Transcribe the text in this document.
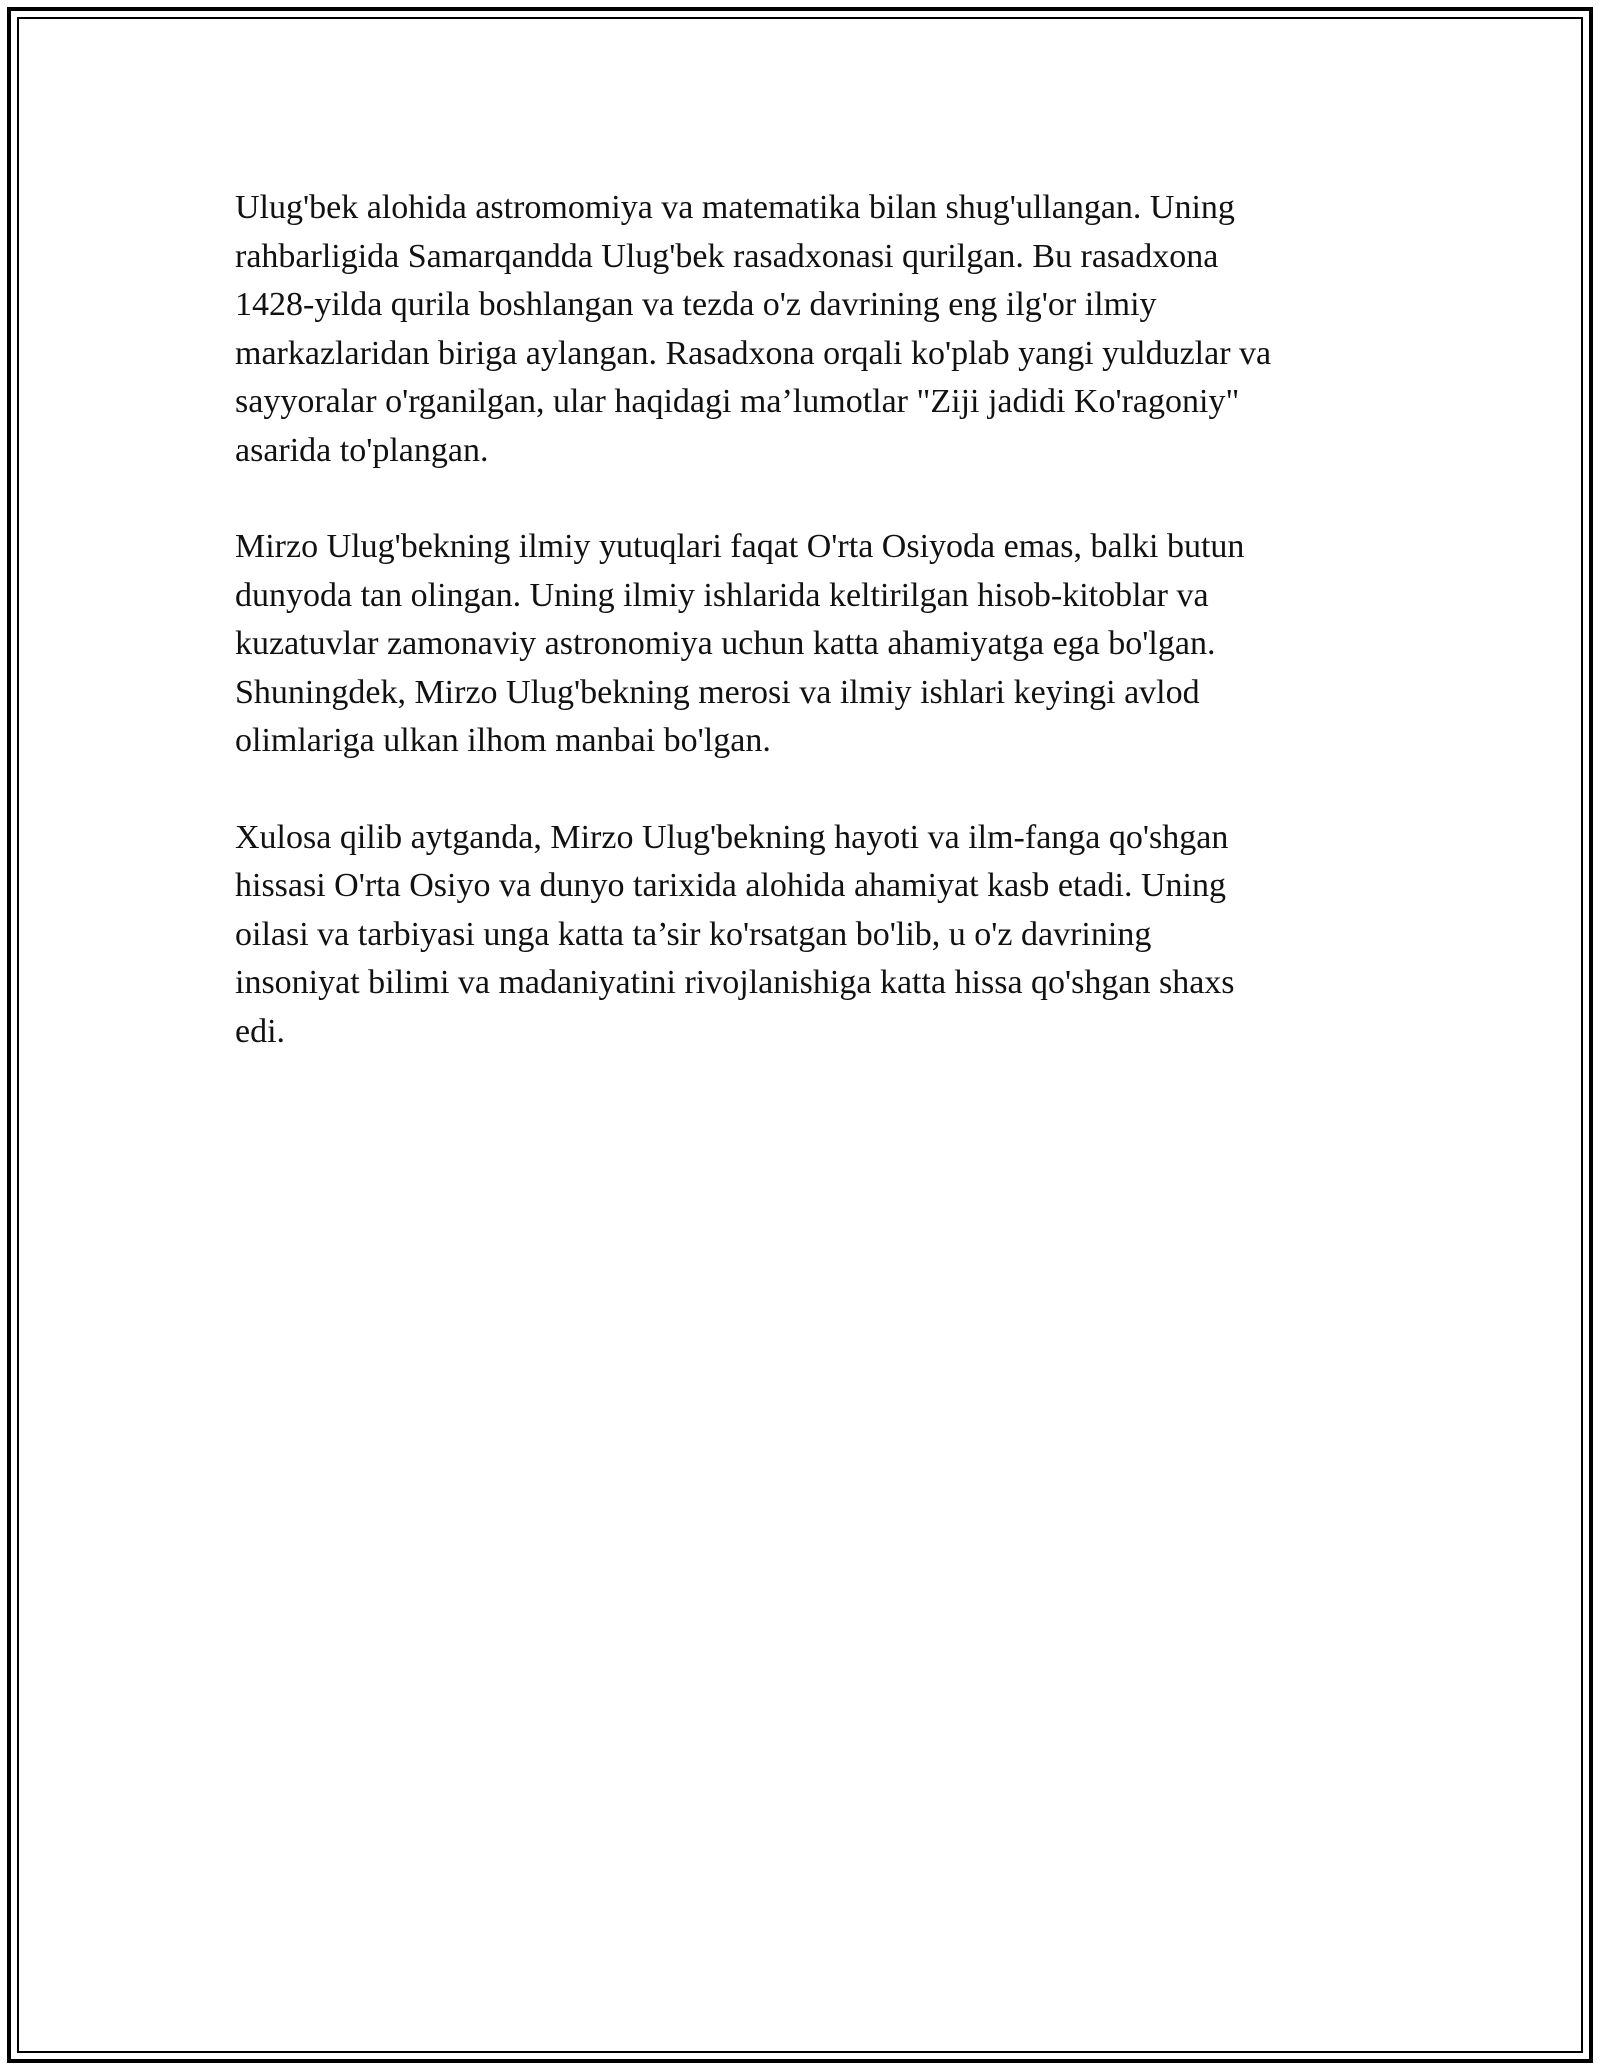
Ulug'bek alohida astromomiya va matematika bilan shug'ullangan. Uning
rahbarligida Samarqandda Ulug'bek rasadxonasi qurilgan. Bu rasadxona
1428-yilda qurila boshlangan va tezda o'z davrining eng ilg'or ilmiy
markazlaridan biriga aylangan. Rasadxona orqali ko'plab yangi yulduzlar va
sayyoralar o'rganilgan, ular haqidagi ma’lumotlar "Ziji jadidi Ko'ragoniy"
asarida to'plangan.

Mirzo Ulug'bekning ilmiy yutuqlari faqat O'rta Osiyoda emas, balki butun
dunyoda tan olingan. Uning ilmiy ishlarida keltirilgan hisob-kitoblar va
kuzatuvlar zamonaviy astronomiya uchun katta ahamiyatga ega bo'lgan.
Shuningdek, Mirzo Ulug'bekning merosi va ilmiy ishlari keyingi avlod
olimlariga ulkan ilhom manbai bo'lgan.

Xulosa qilib aytganda, Mirzo Ulug'bekning hayoti va ilm-fanga qo'shgan
hissasi O'rta Osiyo va dunyo tarixida alohida ahamiyat kasb etadi. Uning
oilasi va tarbiyasi unga katta ta’sir ko'rsatgan bo'lib, u o'z davrining
insoniyat bilimi va madaniyatini rivojlanishiga katta hissa qo'shgan shaxs
edi.
